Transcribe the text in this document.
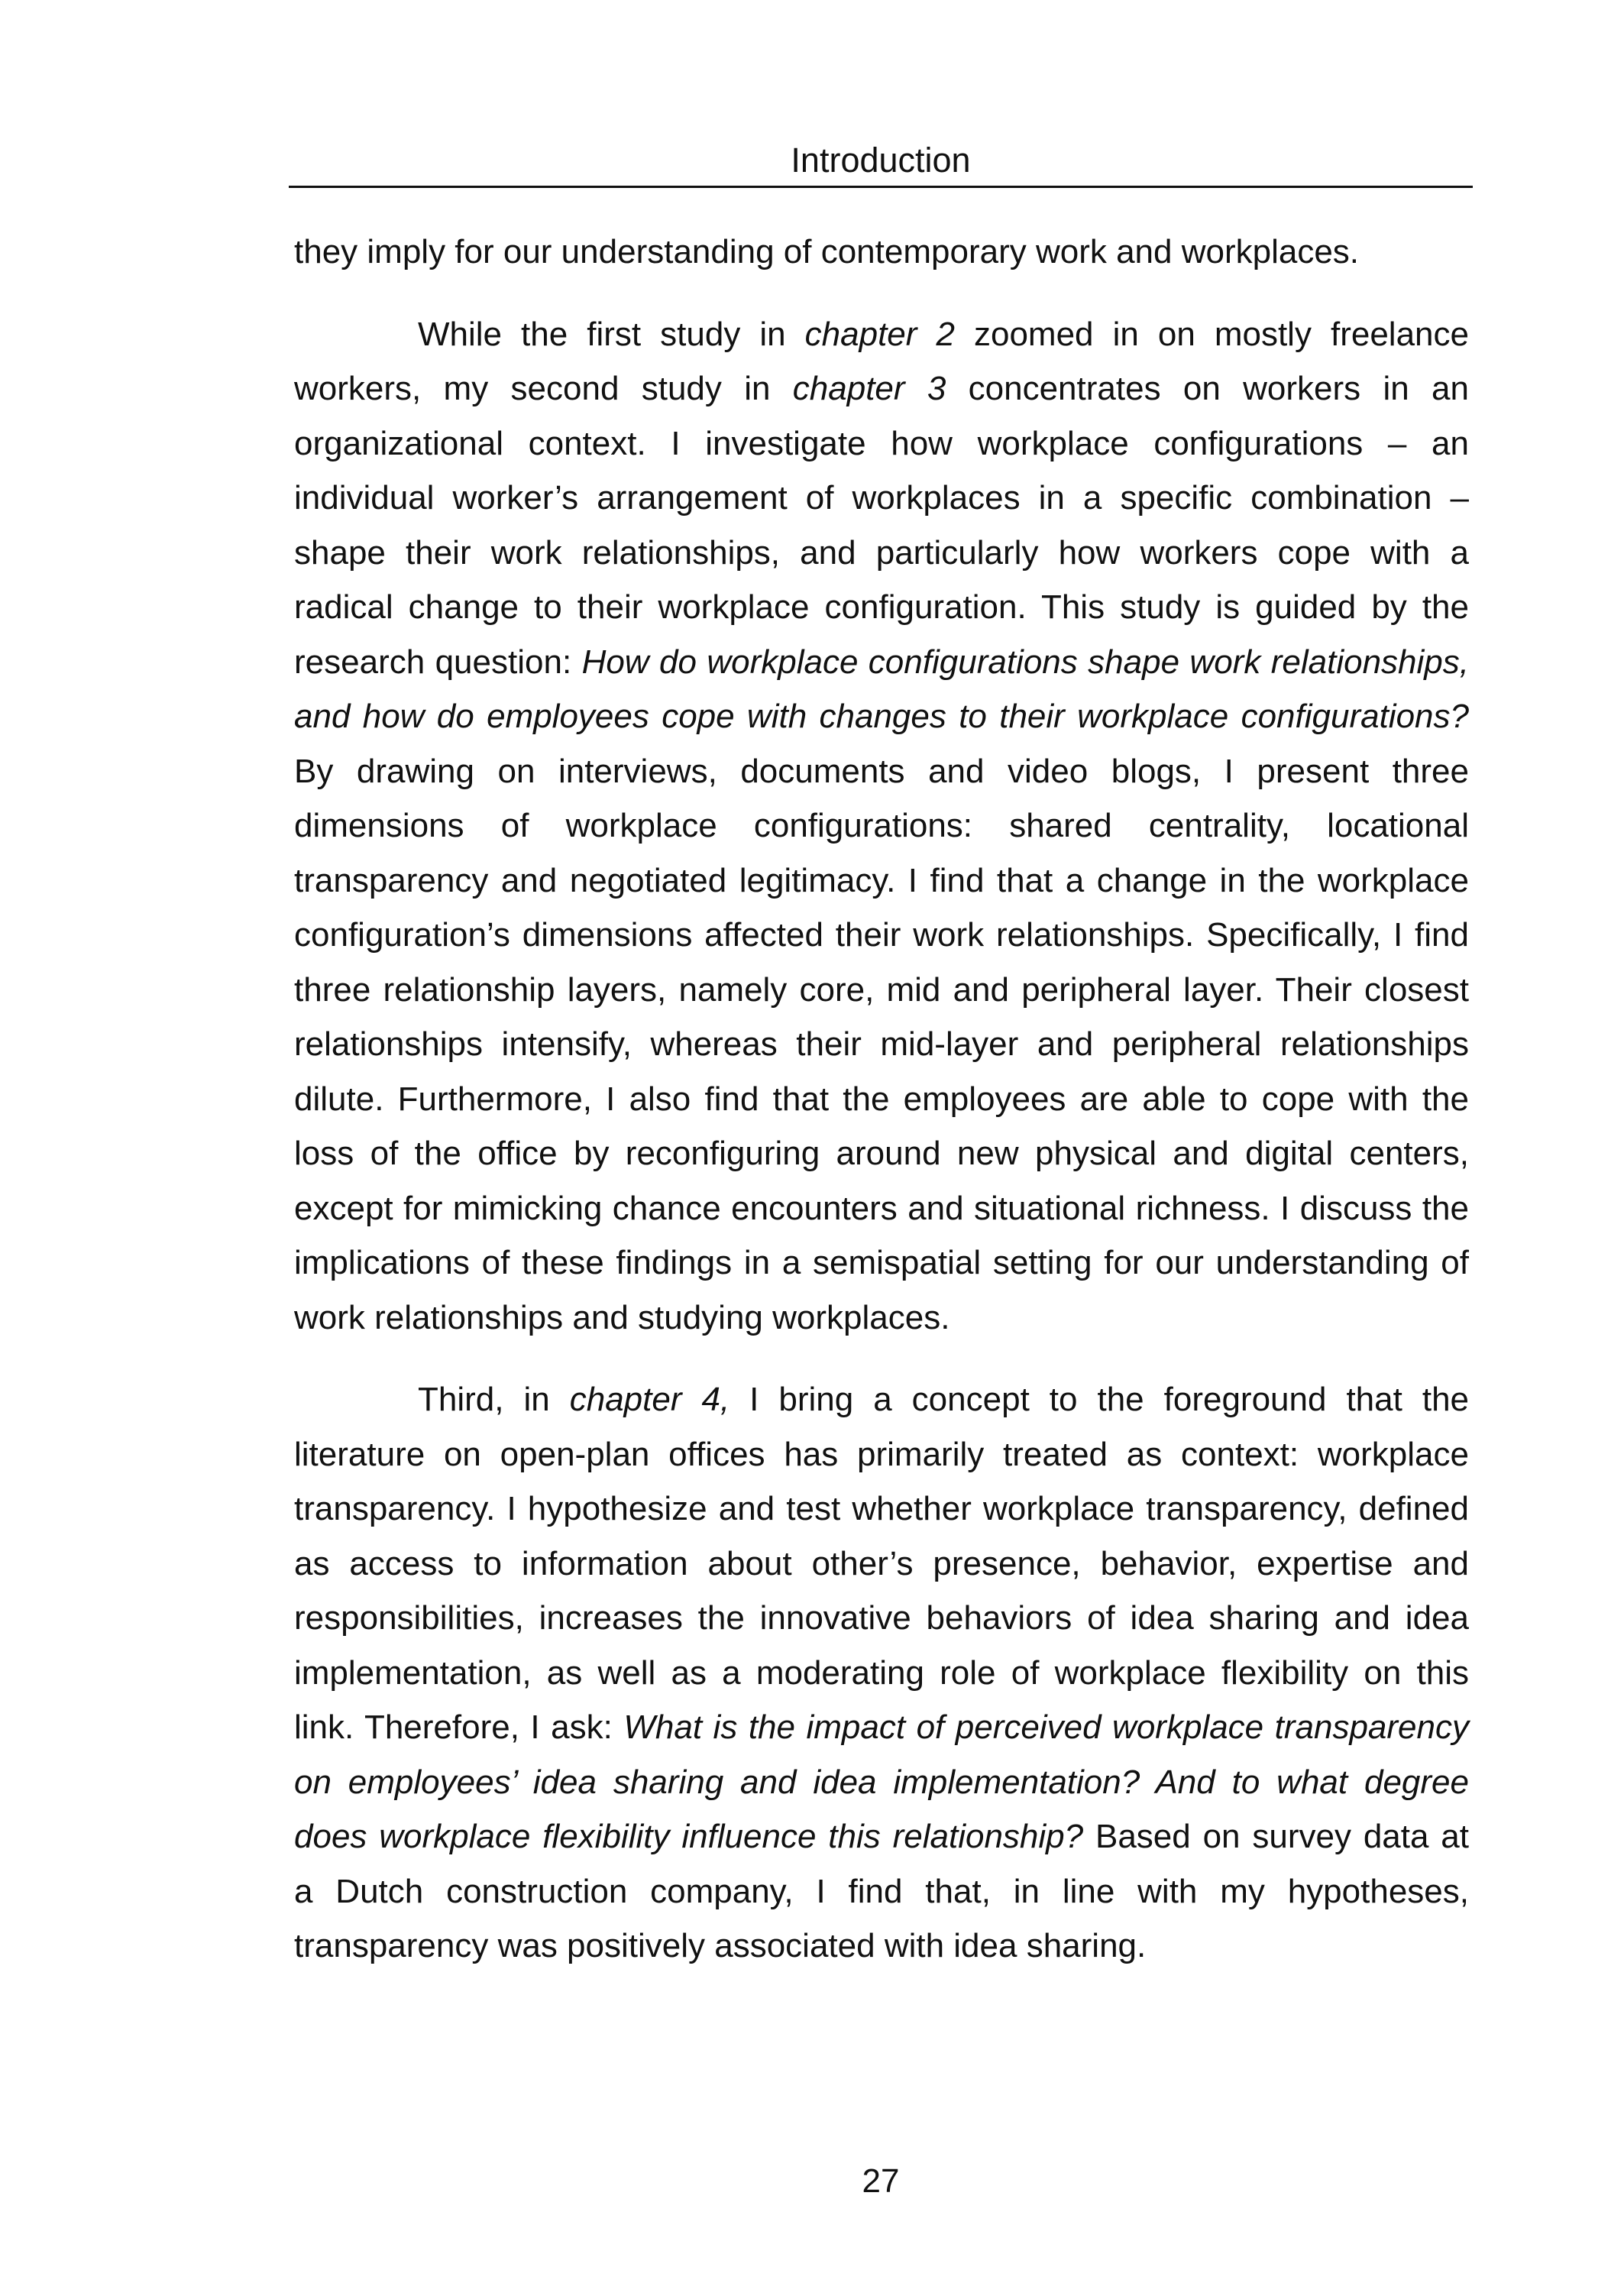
Introduction

they imply for our understanding of contemporary work and workplaces.

While the first study in chapter 2 zoomed in on mostly freelance workers, my second study in chapter 3 concentrates on workers in an organizational context. I investigate how workplace configurations – an individual worker’s arrangement of workplaces in a specific combination – shape their work relationships, and particularly how workers cope with a radical change to their workplace configuration. This study is guided by the research question: How do workplace configurations shape work relationships, and how do employees cope with changes to their workplace configurations? By drawing on interviews, documents and video blogs, I present three dimensions of workplace configurations: shared centrality, locational transparency and negotiated legitimacy. I find that a change in the workplace configuration’s dimensions affected their work relationships. Specifically, I find three relationship layers, namely core, mid and peripheral layer. Their closest relationships intensify, whereas their mid-layer and peripheral relationships dilute. Furthermore, I also find that the employees are able to cope with the loss of the office by reconfiguring around new physical and digital centers, except for mimicking chance encounters and situational richness. I discuss the implications of these findings in a semispatial setting for our understanding of work relationships and studying workplaces.

Third, in chapter 4, I bring a concept to the foreground that the literature on open-plan offices has primarily treated as context: workplace transparency. I hypothesize and test whether workplace transparency, defined as access to information about other’s presence, behavior, expertise and responsibilities, increases the innovative behaviors of idea sharing and idea implementation, as well as a moderating role of workplace flexibility on this link. Therefore, I ask: What is the impact of perceived workplace transparency on employees’ idea sharing and idea implementation? And to what degree does workplace flexibility influence this relationship? Based on survey data at a Dutch construction company, I find that, in line with my hypotheses, transparency was positively associated with idea sharing.

27
